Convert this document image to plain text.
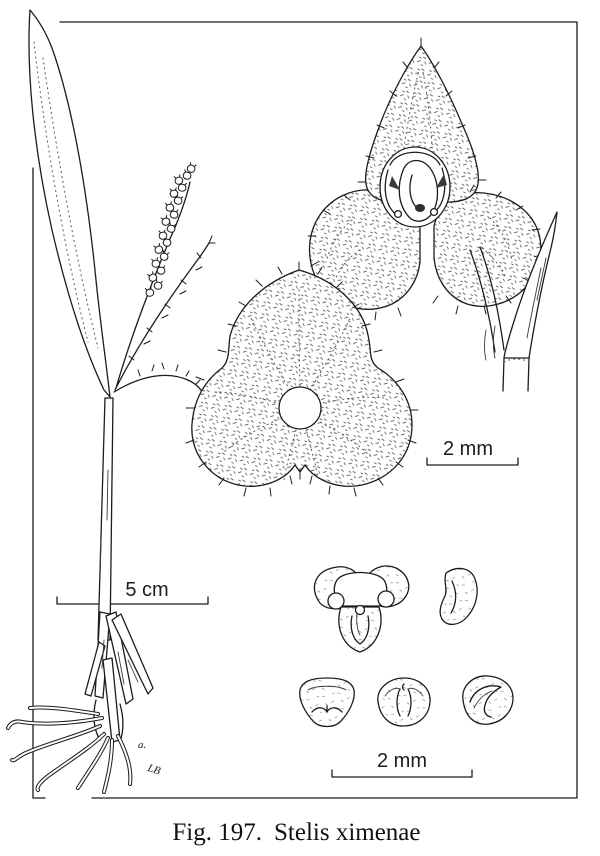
5 cm
a.
LB
2 mm
2 mm
Fig. 197. Stelis ximenae
